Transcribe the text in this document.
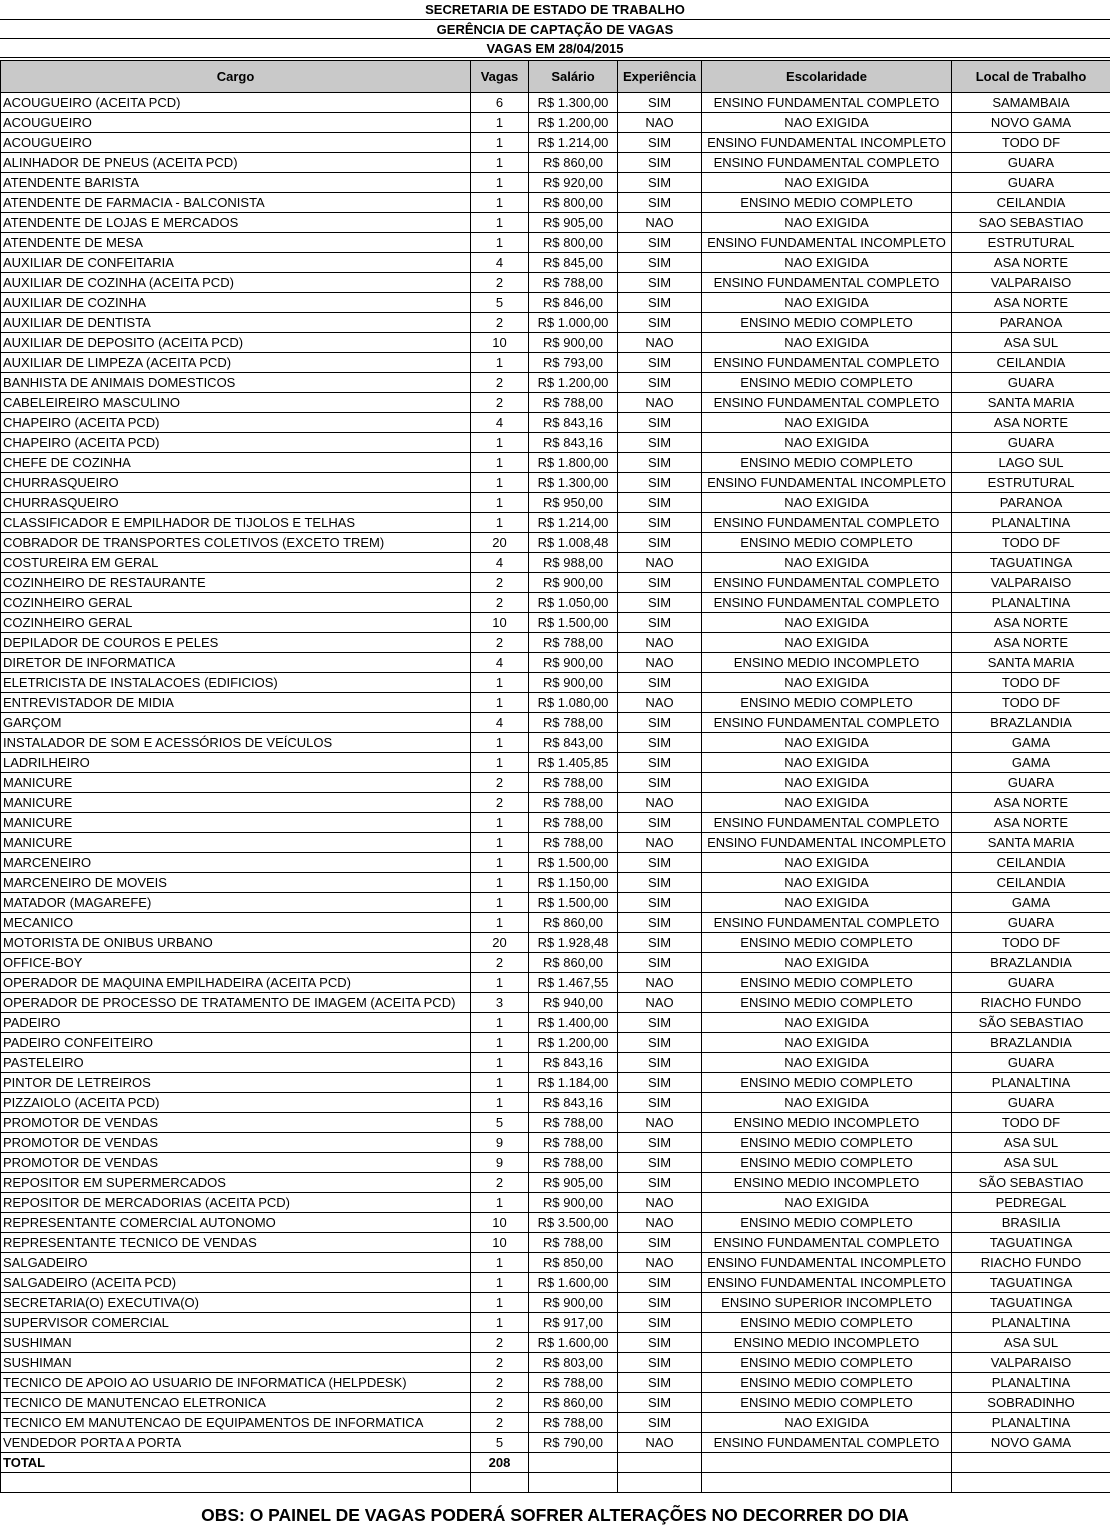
SECRETARIA DE ESTADO DE TRABALHO
GERÊNCIA DE CAPTAÇÃO DE VAGAS
VAGAS EM 28/04/2015
Cargo	Vagas	Salário	Experiência	Escolaridade	Local de Trabalho
ACOUGUEIRO (ACEITA PCD)	6	R$ 1.300,00	SIM	ENSINO FUNDAMENTAL COMPLETO	SAMAMBAIA
ACOUGUEIRO	1	R$ 1.200,00	NAO	NAO EXIGIDA	NOVO GAMA
ACOUGUEIRO	1	R$ 1.214,00	SIM	ENSINO FUNDAMENTAL INCOMPLETO	TODO DF
ALINHADOR DE PNEUS (ACEITA PCD)	1	R$ 860,00	SIM	ENSINO FUNDAMENTAL COMPLETO	GUARA
ATENDENTE BARISTA	1	R$ 920,00	SIM	NAO EXIGIDA	GUARA
ATENDENTE DE FARMACIA - BALCONISTA	1	R$ 800,00	SIM	ENSINO MEDIO COMPLETO	CEILANDIA
ATENDENTE DE LOJAS E MERCADOS	1	R$ 905,00	NAO	NAO EXIGIDA	SAO SEBASTIAO
ATENDENTE DE MESA	1	R$ 800,00	SIM	ENSINO FUNDAMENTAL INCOMPLETO	ESTRUTURAL
AUXILIAR DE CONFEITARIA	4	R$ 845,00	SIM	NAO EXIGIDA	ASA NORTE
AUXILIAR DE COZINHA (ACEITA PCD)	2	R$ 788,00	SIM	ENSINO FUNDAMENTAL COMPLETO	VALPARAISO
AUXILIAR DE COZINHA	5	R$ 846,00	SIM	NAO EXIGIDA	ASA NORTE
AUXILIAR DE DENTISTA	2	R$ 1.000,00	SIM	ENSINO MEDIO COMPLETO	PARANOA
AUXILIAR DE DEPOSITO (ACEITA PCD)	10	R$ 900,00	NAO	NAO EXIGIDA	ASA SUL
AUXILIAR DE LIMPEZA (ACEITA PCD)	1	R$ 793,00	SIM	ENSINO FUNDAMENTAL COMPLETO	CEILANDIA
BANHISTA DE ANIMAIS DOMESTICOS	2	R$ 1.200,00	SIM	ENSINO MEDIO COMPLETO	GUARA
CABELEIREIRO MASCULINO	2	R$ 788,00	NAO	ENSINO FUNDAMENTAL COMPLETO	SANTA MARIA
CHAPEIRO (ACEITA PCD)	4	R$ 843,16	SIM	NAO EXIGIDA	ASA NORTE
CHAPEIRO (ACEITA PCD)	1	R$ 843,16	SIM	NAO EXIGIDA	GUARA
CHEFE DE COZINHA	1	R$ 1.800,00	SIM	ENSINO MEDIO COMPLETO	LAGO SUL
CHURRASQUEIRO	1	R$ 1.300,00	SIM	ENSINO FUNDAMENTAL INCOMPLETO	ESTRUTURAL
CHURRASQUEIRO	1	R$ 950,00	SIM	NAO EXIGIDA	PARANOA
CLASSIFICADOR E EMPILHADOR DE TIJOLOS E TELHAS	1	R$ 1.214,00	SIM	ENSINO FUNDAMENTAL COMPLETO	PLANALTINA
COBRADOR DE TRANSPORTES COLETIVOS (EXCETO TREM)	20	R$ 1.008,48	SIM	ENSINO MEDIO COMPLETO	TODO DF
COSTUREIRA EM GERAL	4	R$ 988,00	NAO	NAO EXIGIDA	TAGUATINGA
COZINHEIRO DE RESTAURANTE	2	R$ 900,00	SIM	ENSINO FUNDAMENTAL COMPLETO	VALPARAISO
COZINHEIRO GERAL	2	R$ 1.050,00	SIM	ENSINO FUNDAMENTAL COMPLETO	PLANALTINA
COZINHEIRO GERAL	10	R$ 1.500,00	SIM	NAO EXIGIDA	ASA NORTE
DEPILADOR DE COUROS E PELES	2	R$ 788,00	NAO	NAO EXIGIDA	ASA NORTE
DIRETOR DE INFORMATICA	4	R$ 900,00	NAO	ENSINO MEDIO INCOMPLETO	SANTA MARIA
ELETRICISTA DE INSTALACOES (EDIFICIOS)	1	R$ 900,00	SIM	NAO EXIGIDA	TODO DF
ENTREVISTADOR DE MIDIA	1	R$ 1.080,00	NAO	ENSINO MEDIO COMPLETO	TODO DF
GARÇOM	4	R$ 788,00	SIM	ENSINO FUNDAMENTAL COMPLETO	BRAZLANDIA
INSTALADOR DE SOM E ACESSÓRIOS DE VEÍCULOS	1	R$ 843,00	SIM	NAO EXIGIDA	GAMA
LADRILHEIRO	1	R$ 1.405,85	SIM	NAO EXIGIDA	GAMA
MANICURE	2	R$ 788,00	SIM	NAO EXIGIDA	GUARA
MANICURE	2	R$ 788,00	NAO	NAO EXIGIDA	ASA NORTE
MANICURE	1	R$ 788,00	SIM	ENSINO FUNDAMENTAL COMPLETO	ASA NORTE
MANICURE	1	R$ 788,00	NAO	ENSINO FUNDAMENTAL INCOMPLETO	SANTA MARIA
MARCENEIRO	1	R$ 1.500,00	SIM	NAO EXIGIDA	CEILANDIA
MARCENEIRO DE MOVEIS	1	R$ 1.150,00	SIM	NAO EXIGIDA	CEILANDIA
MATADOR (MAGAREFE)	1	R$ 1.500,00	SIM	NAO EXIGIDA	GAMA
MECANICO	1	R$ 860,00	SIM	ENSINO FUNDAMENTAL COMPLETO	GUARA
MOTORISTA DE ONIBUS URBANO	20	R$ 1.928,48	SIM	ENSINO MEDIO COMPLETO	TODO DF
OFFICE-BOY	2	R$ 860,00	SIM	NAO EXIGIDA	BRAZLANDIA
OPERADOR DE MAQUINA EMPILHADEIRA (ACEITA PCD)	1	R$ 1.467,55	NAO	ENSINO MEDIO COMPLETO	GUARA
OPERADOR DE PROCESSO DE TRATAMENTO DE IMAGEM (ACEITA PCD)	3	R$ 940,00	NAO	ENSINO MEDIO COMPLETO	RIACHO FUNDO
PADEIRO	1	R$ 1.400,00	SIM	NAO EXIGIDA	SÃO SEBASTIAO
PADEIRO CONFEITEIRO	1	R$ 1.200,00	SIM	NAO EXIGIDA	BRAZLANDIA
PASTELEIRO	1	R$ 843,16	SIM	NAO EXIGIDA	GUARA
PINTOR DE LETREIROS	1	R$ 1.184,00	SIM	ENSINO MEDIO COMPLETO	PLANALTINA
PIZZAIOLO (ACEITA PCD)	1	R$ 843,16	SIM	NAO EXIGIDA	GUARA
PROMOTOR DE VENDAS	5	R$ 788,00	NAO	ENSINO MEDIO INCOMPLETO	TODO DF
PROMOTOR DE VENDAS	9	R$ 788,00	SIM	ENSINO MEDIO COMPLETO	ASA SUL
PROMOTOR DE VENDAS	9	R$ 788,00	SIM	ENSINO MEDIO COMPLETO	ASA SUL
REPOSITOR EM SUPERMERCADOS	2	R$ 905,00	SIM	ENSINO MEDIO INCOMPLETO	SÃO SEBASTIAO
REPOSITOR DE MERCADORIAS (ACEITA PCD)	1	R$ 900,00	NAO	NAO EXIGIDA	PEDREGAL
REPRESENTANTE COMERCIAL AUTONOMO	10	R$ 3.500,00	NAO	ENSINO MEDIO COMPLETO	BRASILIA
REPRESENTANTE TECNICO DE VENDAS	10	R$ 788,00	SIM	ENSINO FUNDAMENTAL COMPLETO	TAGUATINGA
SALGADEIRO	1	R$ 850,00	NAO	ENSINO FUNDAMENTAL INCOMPLETO	RIACHO FUNDO
SALGADEIRO (ACEITA PCD)	1	R$ 1.600,00	SIM	ENSINO FUNDAMENTAL INCOMPLETO	TAGUATINGA
SECRETARIA(O) EXECUTIVA(O)	1	R$ 900,00	SIM	ENSINO SUPERIOR INCOMPLETO	TAGUATINGA
SUPERVISOR COMERCIAL	1	R$ 917,00	SIM	ENSINO MEDIO COMPLETO	PLANALTINA
SUSHIMAN	2	R$ 1.600,00	SIM	ENSINO MEDIO INCOMPLETO	ASA SUL
SUSHIMAN	2	R$ 803,00	SIM	ENSINO MEDIO COMPLETO	VALPARAISO
TECNICO DE APOIO AO USUARIO DE INFORMATICA (HELPDESK)	2	R$ 788,00	SIM	ENSINO MEDIO COMPLETO	PLANALTINA
TECNICO DE MANUTENCAO ELETRONICA	2	R$ 860,00	SIM	ENSINO MEDIO COMPLETO	SOBRADINHO
TECNICO EM MANUTENCAO DE EQUIPAMENTOS DE INFORMATICA	2	R$ 788,00	SIM	NAO EXIGIDA	PLANALTINA
VENDEDOR PORTA A PORTA	5	R$ 790,00	NAO	ENSINO FUNDAMENTAL COMPLETO	NOVO GAMA
TOTAL	208				

OBS: O PAINEL DE VAGAS PODERÁ SOFRER ALTERAÇÕES NO DECORRER DO DIA
